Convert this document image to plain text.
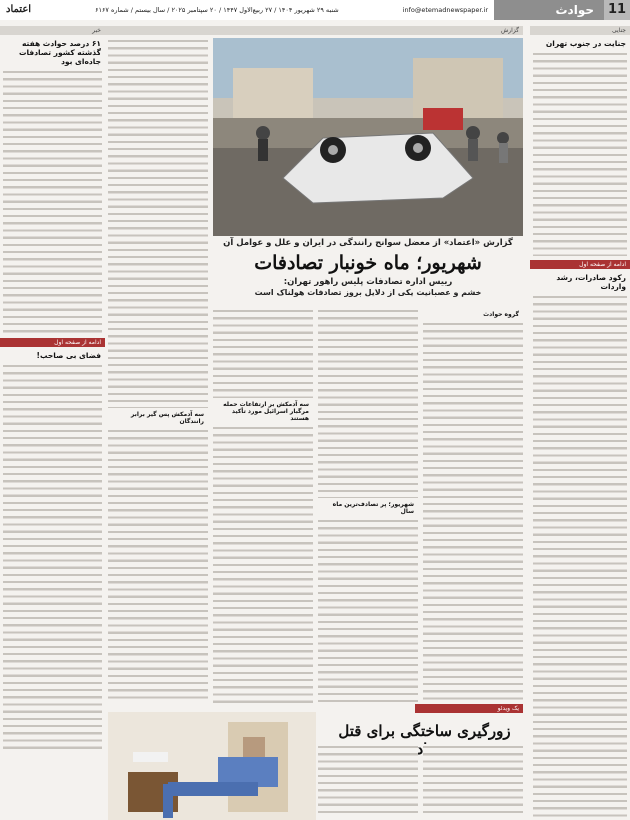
11
حوادث
info@etemadnewspaper.ir
شنبه ۲۹ شهریور ۱۴۰۴ / ۲۷ ربیع‌الاول ۱۴۴۷ / ۲۰ سپتامبر ۲۰۲۵ / سال بیستم / شماره ۶۱۶۷
اعتماد
جنایی
جنایت در جنوب تهران
ادامه از صفحه اول
رکود صادرات، رشد واردات
گزارش
گزارش «اعتماد» از معضل سوانح رانندگی در ایران و علل و عوامل آن
شهریور؛ ماه خونبار تصادفات
رییس اداره تصادفات پلیس راهور تهران:
خشم و عصبانیت یکی از دلایل بروز تصادفات هولناک است
گروه حوادث
شهریور؛ پر تصادف‌ترین ماه سال
سه آدمکش بر ارتفاعات حمله مرگبار اسرائیل مورد تأکید هستند
سه آدمکش پس گیر برابر رانندگان
خبر
۶۱ درصد حوادث هفته گذشته کشور تصادفات جاده‌ای بود
ادامه از صفحه اول
فضای بی صاحب!
یک ویدئو
زورگیری ساختگی برای قتل
